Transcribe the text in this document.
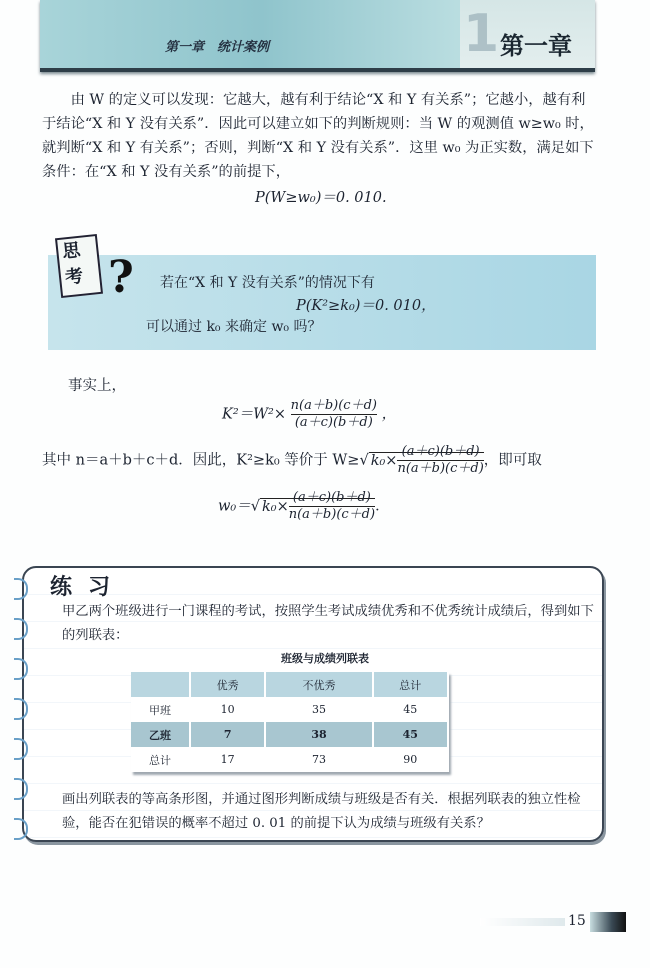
1
第一章　统计案例	第一章

由 W 的定义可以发现：它越大，越有利于结论“X 和 Y 有关系”；它越小，越有利于结论“X 和 Y 没有关系”．因此可以建立如下的判断规则：当 W 的观测值 w≥w₀ 时，就判断“X 和 Y 有关系”；否则，判断“X 和 Y 没有关系”．这里 w₀ 为正实数，满足如下条件：在“X 和 Y 没有关系”的前提下，

P(W≥w₀)＝0. 010.
思考 ? 若在“X 和 Y 没有关系”的情况下有
P(K²≥k₀)＝0. 010，
可以通过 k₀ 来确定 w₀ 吗？
事实上，
$K^2=W^2\times \frac{n(a+b)(c+d)}{(a+c)(b+d)}$ ，
其中 n＝a＋b＋c＋d．因此，K²≥k₀ 等价于 W≥√ $k_0\times \frac{(a+c)(b+d)}{n(a+b)(c+d)}$ ，即可取
w₀＝√ $k_0\times \frac{(a+c)(b+d)}{n(a+b)(c+d)}$ ．
练习

甲乙两个班级进行一门课程的考试，按照学生考试成绩优秀和不优秀统计成绩后，得到如下的列联表：

班级与成绩列联表
	优秀	不优秀	总计
甲班	10	35	45
乙班	7	38	45
总计	17	73	90

画出列联表的等高条形图，并通过图形判断成绩与班级是否有关．根据列联表的独立性检验，能否在犯错误的概率不超过 0. 01 的前提下认为成绩与班级有关系？

15
